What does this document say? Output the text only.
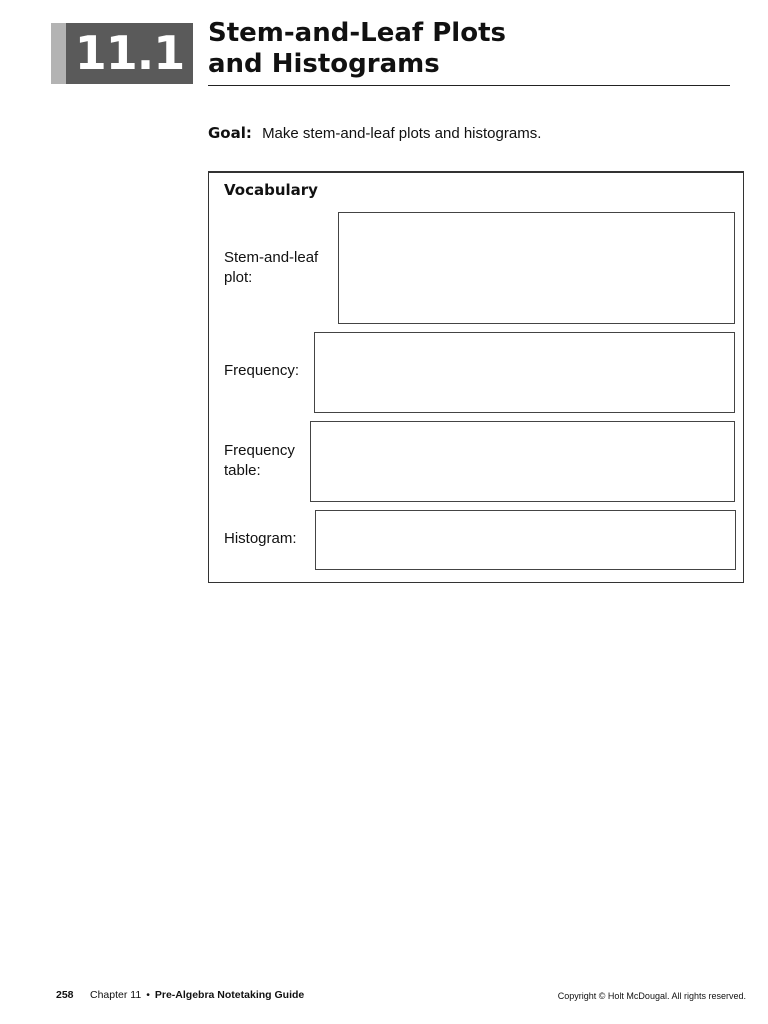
11.1 Stem-and-Leaf Plots
and Histograms
Goal: Make stem-and-leaf plots and histograms.
Vocabulary
Stem-and-leaf
plot:
Frequency:
Frequency
table:
Histogram:
258 Chapter 11 • Pre-Algebra Notetaking Guide	Copyright © Holt McDougal. All rights reserved.
